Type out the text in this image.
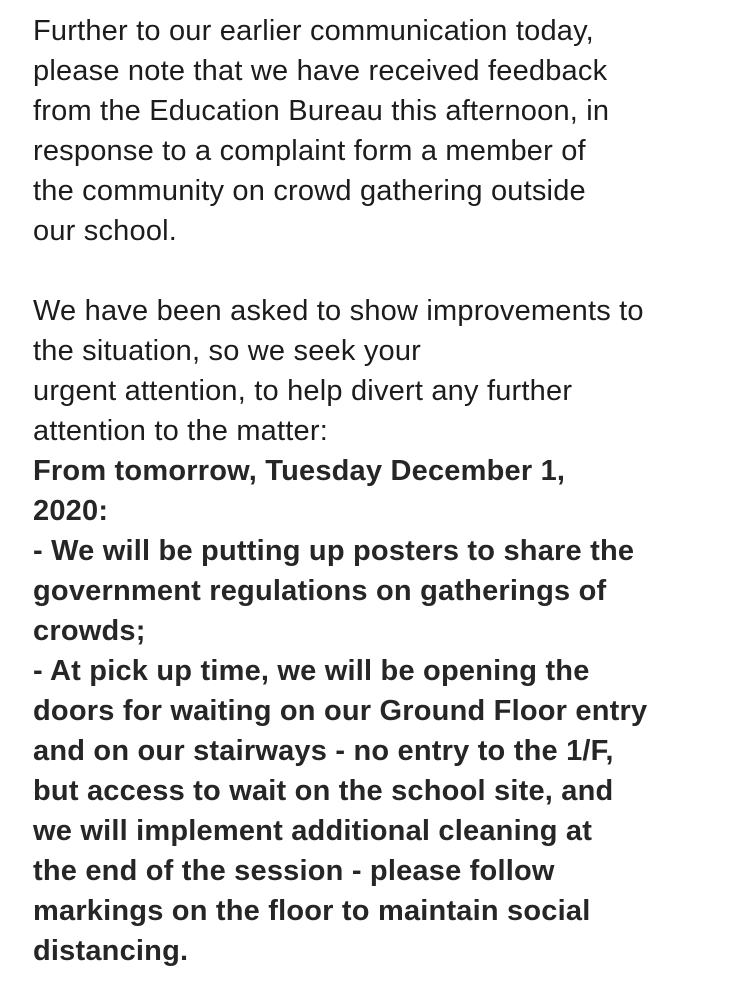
Further to our earlier communication today,
please note that we have received feedback
from the Education Bureau this afternoon, in
response to a complaint form a member of
the community on crowd gathering outside
our school.
We have been asked to show improvements to
the situation, so we seek your
urgent attention, to help divert any further
attention to the matter:
From tomorrow, Tuesday December 1,
2020:
- We will be putting up posters to share the
government regulations on gatherings of
crowds;
- At pick up time, we will be opening the
doors for waiting on our Ground Floor entry
and on our stairways - no entry to the 1/F,
but access to wait on the school site, and
we will implement additional cleaning at
the end of the session - please follow
markings on the floor to maintain social
distancing.
